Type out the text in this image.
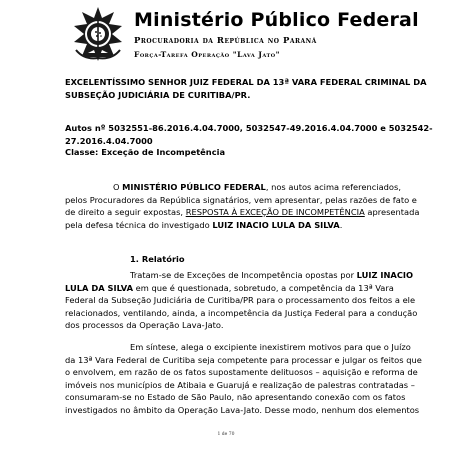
Ministério Público Federal
Procuradoria da República no Paraná
Força-Tarefa Operação "Lava Jato"
EXCELENTÍSSIMO SENHOR JUIZ FEDERAL DA 13ª VARA FEDERAL CRIMINAL DA
SUBSEÇÃO JUDICIÁRIA DE CURITIBA/PR.
Autos nº 5032551-86.2016.4.04.7000, 5032547-49.2016.4.04.7000 e 5032542-
27.2016.4.04.7000
Classe: Exceção de Incompetência
O MINISTÉRIO PÚBLICO FEDERAL, nos autos acima referenciados,
pelos Procuradores da República signatários, vem apresentar, pelas razões de fato e
de direito a seguir expostas, RESPOSTA À EXCEÇÃO DE INCOMPETÊNCIA apresentada
pela defesa técnica do investigado LUIZ INACIO LULA DA SILVA.
1. Relatório
Tratam-se de Exceções de Incompetência opostas por LUIZ INACIO
LULA DA SILVA em que é questionada, sobretudo, a competência da 13ª Vara
Federal da Subseção Judiciária de Curitiba/PR para o processamento dos feitos a ele
relacionados, ventilando, ainda, a incompetência da Justiça Federal para a condução
dos processos da Operação Lava-Jato.
Em síntese, alega o excipiente inexistirem motivos para que o Juízo
da 13ª Vara Federal de Curitiba seja competente para processar e julgar os feitos que
o envolvem, em razão de os fatos supostamente delituosos – aquisição e reforma de
imóveis nos municípios de Atibaia e Guarujá e realização de palestras contratadas –
consumaram-se no Estado de São Paulo, não apresentando conexão com os fatos
investigados no âmbito da Operação Lava-Jato. Desse modo, nenhum dos elementos
1 de 70
